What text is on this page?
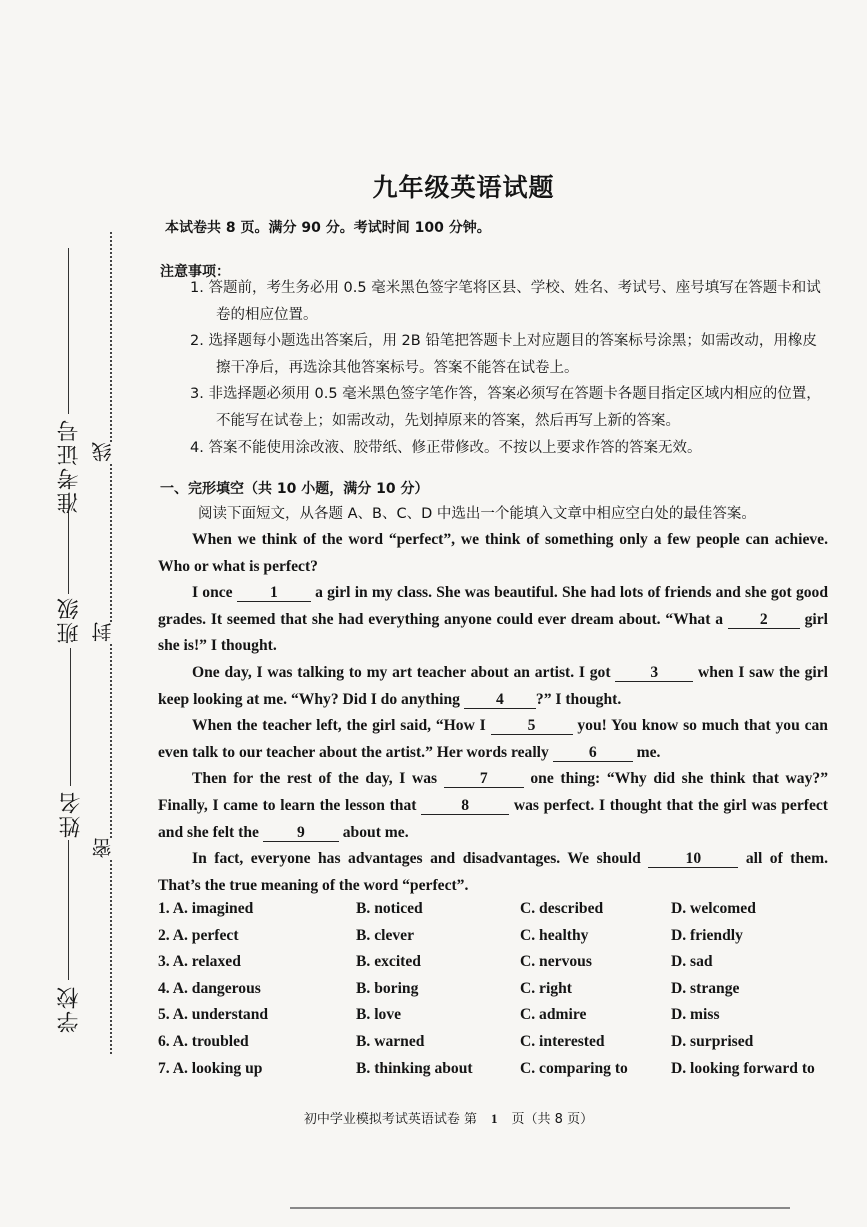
学校
姓名
班级
准考证号
密
封
线
九年级英语试题
本试卷共 8 页。满分 90 分。考试时间 100 分钟。
注意事项：
1. 答题前，考生务必用 0.5 毫米黑色签字笔将区县、学校、姓名、考试号、座号填写在答题卡和试卷的相应位置。
2. 选择题每小题选出答案后，用 2B 铅笔把答题卡上对应题目的答案标号涂黑；如需改动，用橡皮擦干净后，再选涂其他答案标号。答案不能答在试卷上。
3. 非选择题必须用 0.5 毫米黑色签字笔作答，答案必须写在答题卡各题目指定区域内相应的位置，不能写在试卷上；如需改动，先划掉原来的答案，然后再写上新的答案。
4. 答案不能使用涂改液、胶带纸、修正带修改。不按以上要求作答的答案无效。
一、完形填空（共 10 小题，满分 10 分）
阅读下面短文，从各题 A、B、C、D 中选出一个能填入文章中相应空白处的最佳答案。

When we think of the word “perfect”, we think of something only a few people can achieve. Who or what is perfect?

I once 1 a girl in my class. She was beautiful. She had lots of friends and she got good grades. It seemed that she had everything anyone could ever dream about. “What a 2 girl she is!” I thought.

One day, I was talking to my art teacher about an artist. I got	3	when I saw the girl keep looking at me. “Why? Did I do anything 4 ?” I thought.

When the teacher left, the girl said, “How I	5	you! You know so much that you can even talk to our teacher about the artist.” Her words really	6	me.

Then for the rest of the day, I was	7	one thing: “Why did she think that way?” Finally, I came to learn the lesson that	8	was perfect. I thought that the girl was perfect and she felt the 9 about me.

In fact, everyone has advantages and disadvantages. We should	10	all of them. That’s the true meaning of the word “perfect”.

1. A. imagined	B. noticed	C. described	D. welcomed
2. A. perfect	B. clever	C. healthy	D. friendly
3. A. relaxed	B. excited	C. nervous	D. sad
4. A. dangerous	B. boring	C. right	D. strange
5. A. understand	B. love	C. admire	D. miss
6. A. troubled	B. warned	C. interested	D. surprised
7. A. looking up	B. thinking about	C. comparing to	D. looking forward to
初中学业模拟考试英语试卷 第 1 页（共 8 页）
